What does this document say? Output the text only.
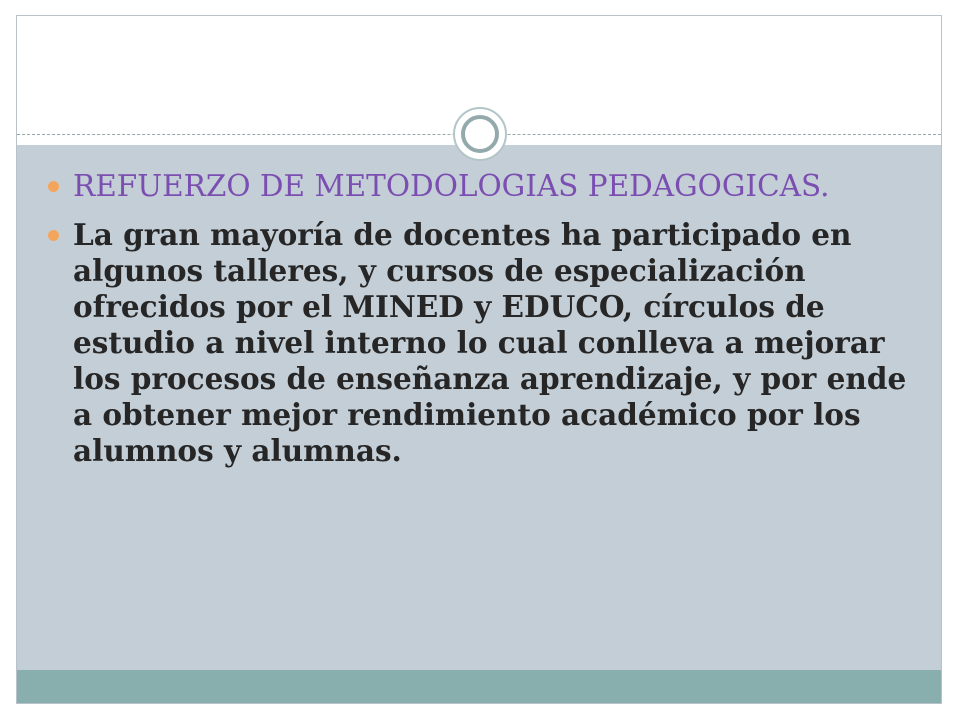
REFUERZO DE METODOLOGIAS PEDAGOGICAS.
La gran mayoría de docentes ha participado en algunos talleres, y cursos de especialización ofrecidos por el MINED y EDUCO, círculos de estudio a nivel interno lo cual conlleva a mejorar los procesos de enseñanza aprendizaje, y por ende a obtener mejor rendimiento académico por los alumnos y alumnas.
